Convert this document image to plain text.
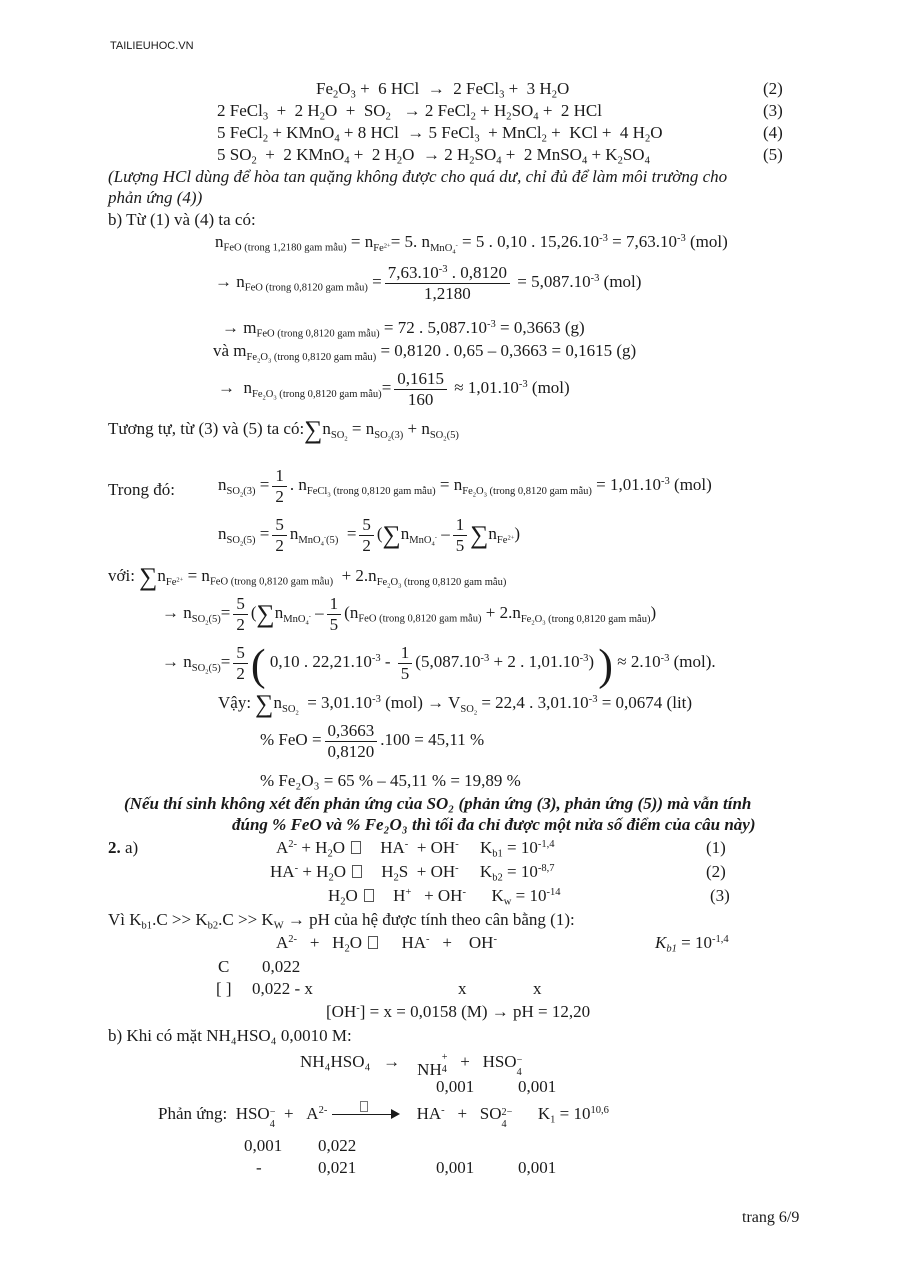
TAILIEUHOC.VN
$Fe_2O_3 + 6$ HCl  →  2 FeCl$_3$ +  3 $H_2O$	(2)
2 FeCl$_3$  +  2 $H_2O + SO_2 \to 2$ FeCl$_2$ + $H_2SO_4 + 2$ HCl	(3)
5 FeCl$_2$ + KMnO$_4$ + 8 HCl  → 5 FeCl$_3$  + MnCl$_2$ +  KCl +  4 $H_2O$	(4)
5 $SO_2 + 2$ KMnO$_4$ +  2 $H_2O \to 2$ $H_2SO_4 + 2$ MnSO$_4$ + $K_2SO_4$	(5)
(Lượng HCl dùng để hòa tan quặng không được cho quá dư, chỉ đủ để làm môi trường cho
phản ứng (4))
b) Từ (1) và (4) ta có:
$n_{FeO (trong 1,2180 gam mẫu)} = n_{Fe^{2+}}= 5$. $n_{MnO_4^-} = 5$ . 0,10 . $15,26.10^{-3} = 7,63.10^{-3}$ (mol)
→ $n_{FeO (trong 0,8120 gam mẫu)} = \frac{7,63.10^{-3} . 0,8120}{1,2180} = 5,087.10^{-3}$ (mol)
→ $m_{FeO (trong 0,8120 gam mẫu)} = 72$ . $5,087.10^{-3} = 0,3663$ (g)
và $m_{Fe_2O_3 (trong 0,8120 gam mẫu)} = 0,8120$ . 0,65 – 0,3663 = 0,1615 (g)
→  $n_{Fe_2O_3 (trong 0,8120 gam mẫu)}= \frac{0,1615}{160} \approx 1,01.10^{-3}$ (mol)
Tương tự, từ (3) và (5) ta $có:\sum n_{SO_2} = n_{SO_2(3)} + n_{SO_2(5)}$
Trong đó:	$n_{SO_2(3)} = \frac{1}{2}$ . $n_{FeCl_3 (trong 0,8120 gam mẫu)} = n_{Fe_2O_3 (trong 0,8120 gam mẫu)} = 1,01.10^{-3}$ (mol)
$n_{SO_2(5)} = \frac{5}{2} n_{MnO_4^-(5)} = \frac{5}{2} (\sum n_{MnO_4^-} - \frac{1}{5} \sum n_{Fe^{2+}})$
với: $\sum n_{Fe^{2+}} = n_{FeO (trong 0,8120 gam mẫu)} + 2.n_{Fe_2O_3 (trong 0,8120 gam mẫu)}$
→ $n_{SO_2(5)}= \frac{5}{2} (\sum n_{MnO_4^-} - \frac{1}{5} (n_{FeO (trong 0,8120 gam mẫu)} + 2.n_{Fe_2O_3 (trong 0,8120 gam mẫu)})$
→ $n_{SO_2(5)}= \frac{5}{2}$ ( 0,10 . $22,21.10^{-3} - \frac{1}{5} (5,087.10^{-3} + 2$ . $1,01.10^{-3}$) ) ≈ $2.10^{-3}$ (mol).
Vậy: $\sum n_{SO_2} = 3,01.10^{-3}$ $(mol) \to V_{SO_2} = 22,4$ . $3,01.10^{-3} = 0,0674$ (lit)
% FeO = $\frac{0,3663}{0,8120} .100 = 45,11$ %
% Fe₂O₃ = 65 % – 45,11 % = 19,89 %
(Nếu thí sinh không xét đến phản ứng của SO₂ (phản ứng (3), phản ứng (5)) mà vẫn tính
đúng % FeO và % Fe₂O₃ thì tối đa chỉ được một nửa số điểm của câu này)
2. a)	$A^{2-} + H_2O$     HA-  + OH-     $K_{b1} = 10^{-1,4}$	(1)
$HA^- + H_2O$     $H_2S + OH^-$     $K_{b2} = 10^{-8,7}$	(2)
$H_2O$     H+   + OH-      $K_w = 10^{-14}$	(3)
Vì $K_{b1}.C >> K_{b2}.C >> K_W$ → pH của hệ được tính theo cân bằng (1):
$A^{2-} + H_2O$      HA-   +    OH-	$K_{b1} = 10^{-1,4}$
C 0,022
[ ] 0,022 - x	x	x
[OH-] = x = 0,0158 (M) → pH = 12,20
b) Khi có mặt NH₄HSO₄ 0,0010 M:
NH₄HSO₄   →    NH
+
4 +   HSO −
4
0,001	0,001
Phản ứng:  HSO −
4
+   $A^{2-} \to HA^-$   +   SO 2−
4
$K_1 = 10^{10,6}$
0,001 0,022
-	0,021	0,001	0,001
trang 6/9
